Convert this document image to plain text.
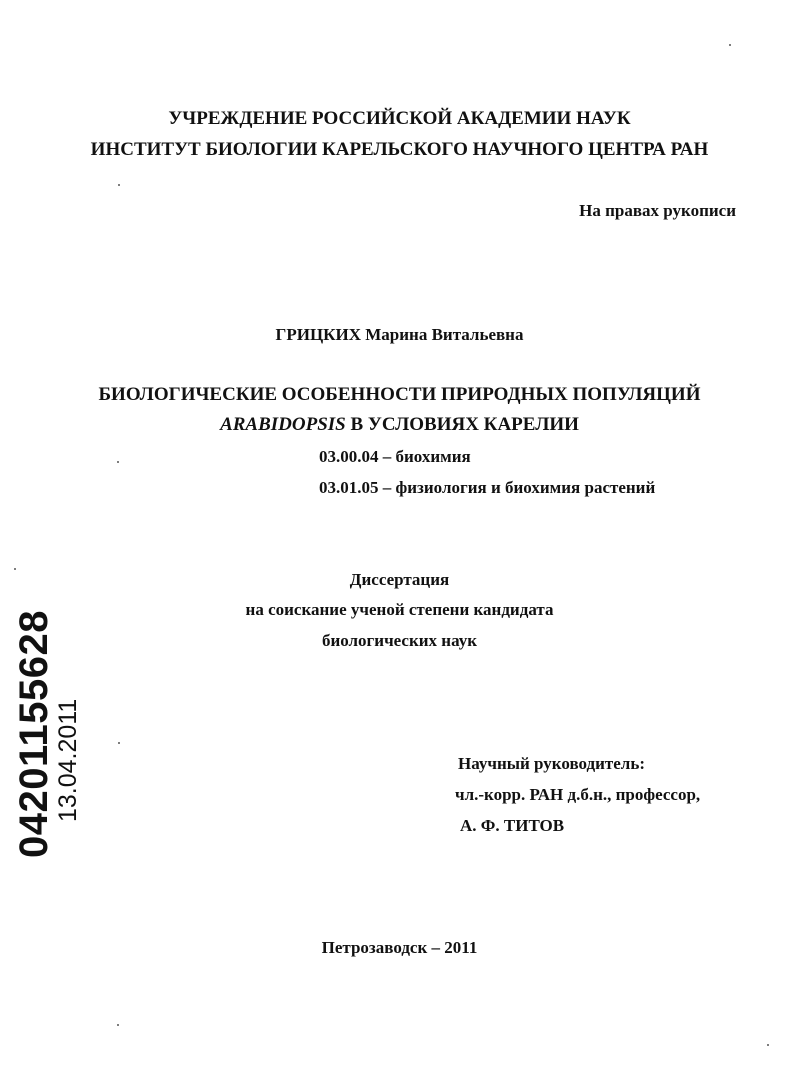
УЧРЕЖДЕНИЕ РОССИЙСКОЙ АКАДЕМИИ НАУК
ИНСТИТУТ БИОЛОГИИ КАРЕЛЬСКОГО НАУЧНОГО ЦЕНТРА РАН
На правах рукописи
ГРИЦКИХ Марина Витальевна
БИОЛОГИЧЕСКИЕ ОСОБЕННОСТИ ПРИРОДНЫХ ПОПУЛЯЦИЙ
ARABIDOPSIS В УСЛОВИЯХ КАРЕЛИИ
03.00.04 – биохимия
03.01.05 – физиология и биохимия растений
Диссертация
на соискание ученой степени кандидата
биологических наук
Научный руководитель:
чл.-корр. РАН д.б.н., профессор,
А. Ф. ТИТОВ
Петрозаводск – 2011
04201155628
13.04.2011
